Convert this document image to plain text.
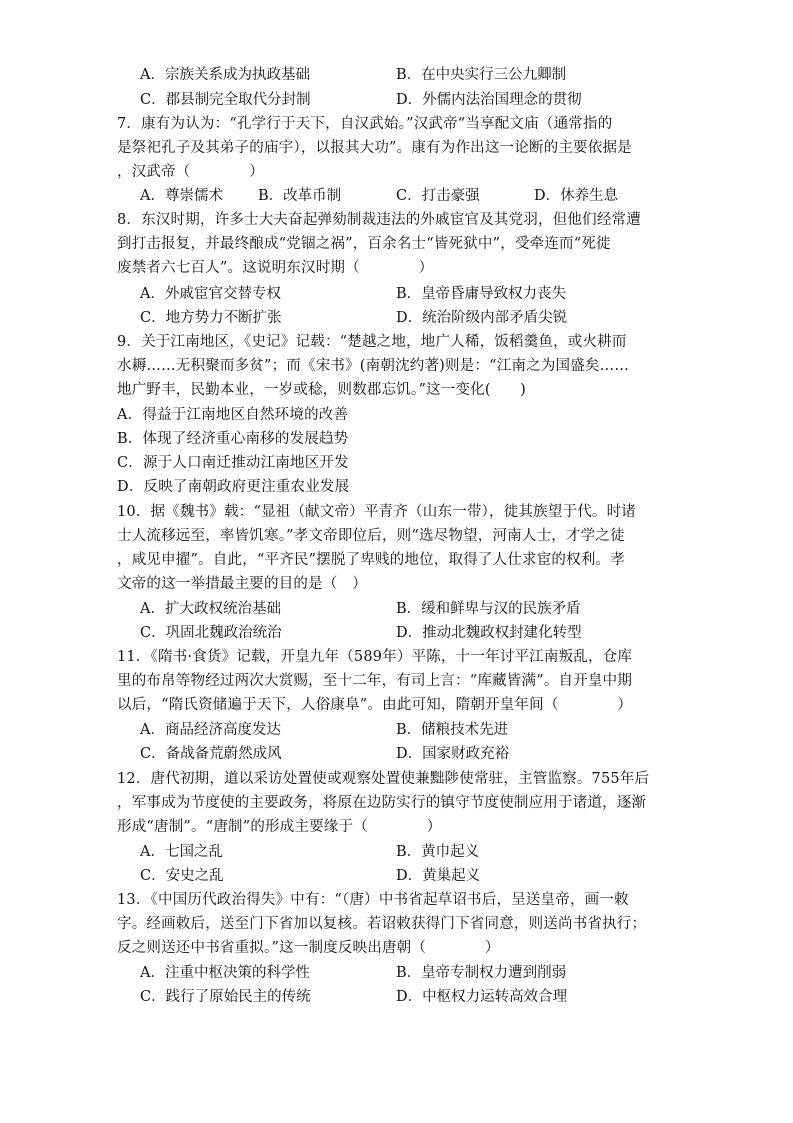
A．宗族关系成为执政基础	B．在中央实行三公九卿制
C．郡县制完全取代分封制	D．外儒内法治国理念的贯彻
7．康有为认为：“孔学行于天下，自汉武始。”汉武帝“当享配文庙（通常指的
是祭祀孔子及其弟子的庙宇），以报其大功”。康有为作出这一论断的主要依据是
，汉武帝（　　　　）
A．尊崇儒术 B．改革币制	C．打击豪强	D．休养生息
8．东汉时期，许多士大夫奋起弹劾制裁违法的外戚宦官及其党羽，但他们经常遭
到打击报复，并最终酿成“党锢之祸”，百余名士“皆死狱中”，受牵连而“死徙
废禁者六七百人”。这说明东汉时期（　　　　）
A．外戚宦官交替专权	B．皇帝昏庸导致权力丧失
C．地方势力不断扩张	D．统治阶级内部矛盾尖锐
9．关于江南地区，《史记》记载：“楚越之地，地广人稀，饭稻羹鱼，或火耕而
水耨……无积聚而多贫”；而《宋书》(南朝沈约著)则是：“江南之为国盛矣……
地广野丰，民勤本业，一岁或稔，则数郡忘饥。”这一变化(　　)
A．得益于江南地区自然环境的改善
B．体现了经济重心南移的发展趋势
C．源于人口南迁推动江南地区开发
D．反映了南朝政府更注重农业发展
10．据《魏书》载：“显祖（献文帝）平青齐（山东一带），徙其族望于代。时诸
士人流移远至，率皆饥寒。”孝文帝即位后，则“选尽物望，河南人士，才学之徒
，咸见申擢”。自此，“平齐民”摆脱了卑贱的地位，取得了人仕求宦的权利。孝
文帝的这一举措最主要的目的是（　）
A．扩大政权统治基础	B．缓和鲜卑与汉的民族矛盾
C．巩固北魏政治统治	D．推动北魏政权封建化转型
11．《隋书·食货》记载，开皇九年（589年）平陈，十一年讨平江南叛乱，仓库
里的布帛等物经过两次大赏赐，至十二年，有司上言：“库藏皆满”。自开皇中期
以后，“隋氏资储遍于天下，人俗康阜”。由此可知，隋朝开皇年间（　　　　）
A．商品经济高度发达	B．储粮技术先进
C．备战备荒蔚然成风	D．国家财政充裕
12．唐代初期，道以采访处置使或观察处置使兼黜陟使常驻，主管监察。755年后
，军事成为节度使的主要政务，将原在边防实行的镇守节度使制应用于诸道，逐渐
形成“唐制”。“唐制”的形成主要缘于（　　　　）
A．七国之乱	B．黄巾起义
C．安史之乱	D．黄巢起义
13．《中国历代政治得失》中有：“（唐）中书省起草诏书后，呈送皇帝，画一敕
字。经画敕后，送至门下省加以复核。若诏敕获得门下省同意，则送尚书省执行；
反之则送还中书省重拟。”这一制度反映出唐朝（　　　　）
A．注重中枢决策的科学性	B．皇帝专制权力遭到削弱
C．践行了原始民主的传统	D．中枢权力运转高效合理
